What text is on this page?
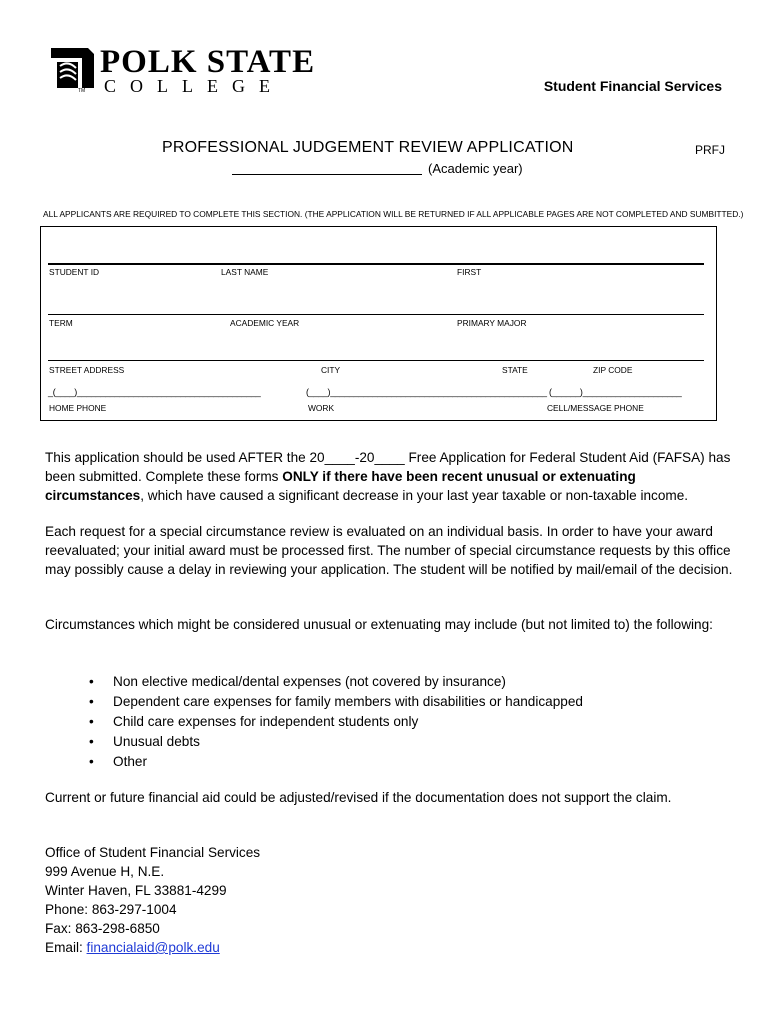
POLK STATE
COLLEGE
TM	Student Financial Services
PROFESSIONAL JUDGEMENT REVIEW APPLICATION	PRFJ
(Academic year)
ALL APPLICANTS ARE REQUIRED TO COMPLETE THIS SECTION. (THE APPLICATION WILL BE RETURNED IF ALL APPLICABLE PAGES ARE NOT COMPLETED AND SUMBITTED.)
STUDENT ID	LAST NAME	FIRST
TERM	ACADEMIC YEAR	PRIMARY MAJOR
STREET ADDRESS	CITY	STATE	ZIP CODE
_(____)_______________________________________	(____)______________________________________________ (______)_____________________
HOME PHONE	WORK	CELL/MESSAGE PHONE

This application should be used AFTER the 20____-20____ Free Application for Federal Student Aid (FAFSA) has been submitted. Complete these forms ONLY if there have been recent unusual or extenuating circumstances, which have caused a significant decrease in your last year taxable or non-taxable income.

Each request for a special circumstance review is evaluated on an individual basis. In order to have your award reevaluated; your initial award must be processed first. The number of special circumstance requests by this office may possibly cause a delay in reviewing your application. The student will be notified by mail/email of the decision.

Circumstances which might be considered unusual or extenuating may include (but not limited to) the following:

• Non elective medical/dental expenses (not covered by insurance)
• Dependent care expenses for family members with disabilities or handicapped
• Child care expenses for independent students only
• Unusual debts
• Other

Current or future financial aid could be adjusted/revised if the documentation does not support the claim.

Office of Student Financial Services
999 Avenue H, N.E.
Winter Haven, FL 33881-4299
Phone: 863-297-1004
Fax: 863-298-6850
Email: financialaid@polk.edu
